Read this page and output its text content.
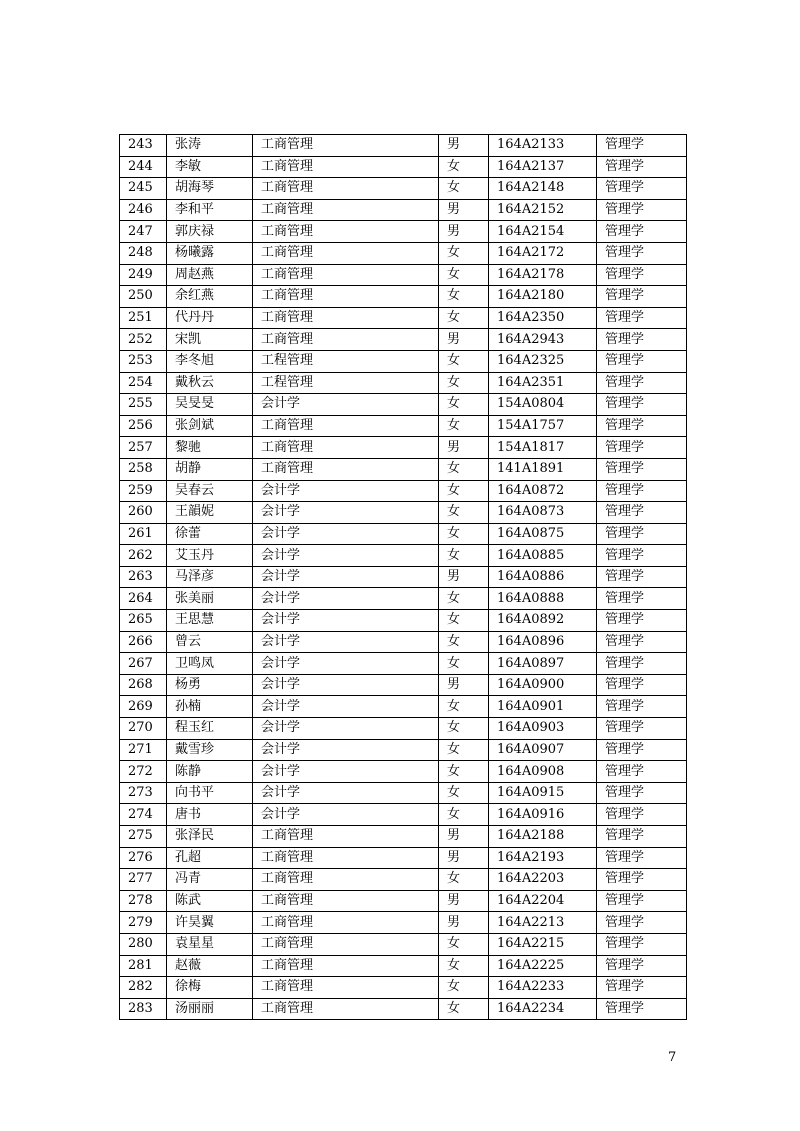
243	张涛	工商管理	男	164A2133	管理学
244	李敏	工商管理	女	164A2137	管理学
245	胡海琴	工商管理	女	164A2148	管理学
246	李和平	工商管理	男	164A2152	管理学
247	郭庆禄	工商管理	男	164A2154	管理学
248	杨曦露	工商管理	女	164A2172	管理学
249	周赵燕	工商管理	女	164A2178	管理学
250	余红燕	工商管理	女	164A2180	管理学
251	代丹丹	工商管理	女	164A2350	管理学
252	宋凯	工商管理	男	164A2943	管理学
253	李冬旭	工程管理	女	164A2325	管理学
254	戴秋云	工程管理	女	164A2351	管理学
255	吴旻旻	会计学	女	154A0804	管理学
256	张剑斌	工商管理	女	154A1757	管理学
257	黎驰	工商管理	男	154A1817	管理学
258	胡静	工商管理	女	141A1891	管理学
259	吴春云	会计学	女	164A0872	管理学
260	王韻妮	会计学	女	164A0873	管理学
261	徐蕾	会计学	女	164A0875	管理学
262	艾玉丹	会计学	女	164A0885	管理学
263	马泽彦	会计学	男	164A0886	管理学
264	张美丽	会计学	女	164A0888	管理学
265	王思慧	会计学	女	164A0892	管理学
266	曾云	会计学	女	164A0896	管理学
267	卫鸣凤	会计学	女	164A0897	管理学
268	杨勇	会计学	男	164A0900	管理学
269	孙楠	会计学	女	164A0901	管理学
270	程玉红	会计学	女	164A0903	管理学
271	戴雪珍	会计学	女	164A0907	管理学
272	陈静	会计学	女	164A0908	管理学
273	向书平	会计学	女	164A0915	管理学
274	唐书	会计学	女	164A0916	管理学
275	张泽民	工商管理	男	164A2188	管理学
276	孔超	工商管理	男	164A2193	管理学
277	冯青	工商管理	女	164A2203	管理学
278	陈武	工商管理	男	164A2204	管理学
279	许昊翼	工商管理	男	164A2213	管理学
280	袁星星	工商管理	女	164A2215	管理学
281	赵薇	工商管理	女	164A2225	管理学
282	徐梅	工商管理	女	164A2233	管理学
283	汤丽丽	工商管理	女	164A2234	管理学
7
